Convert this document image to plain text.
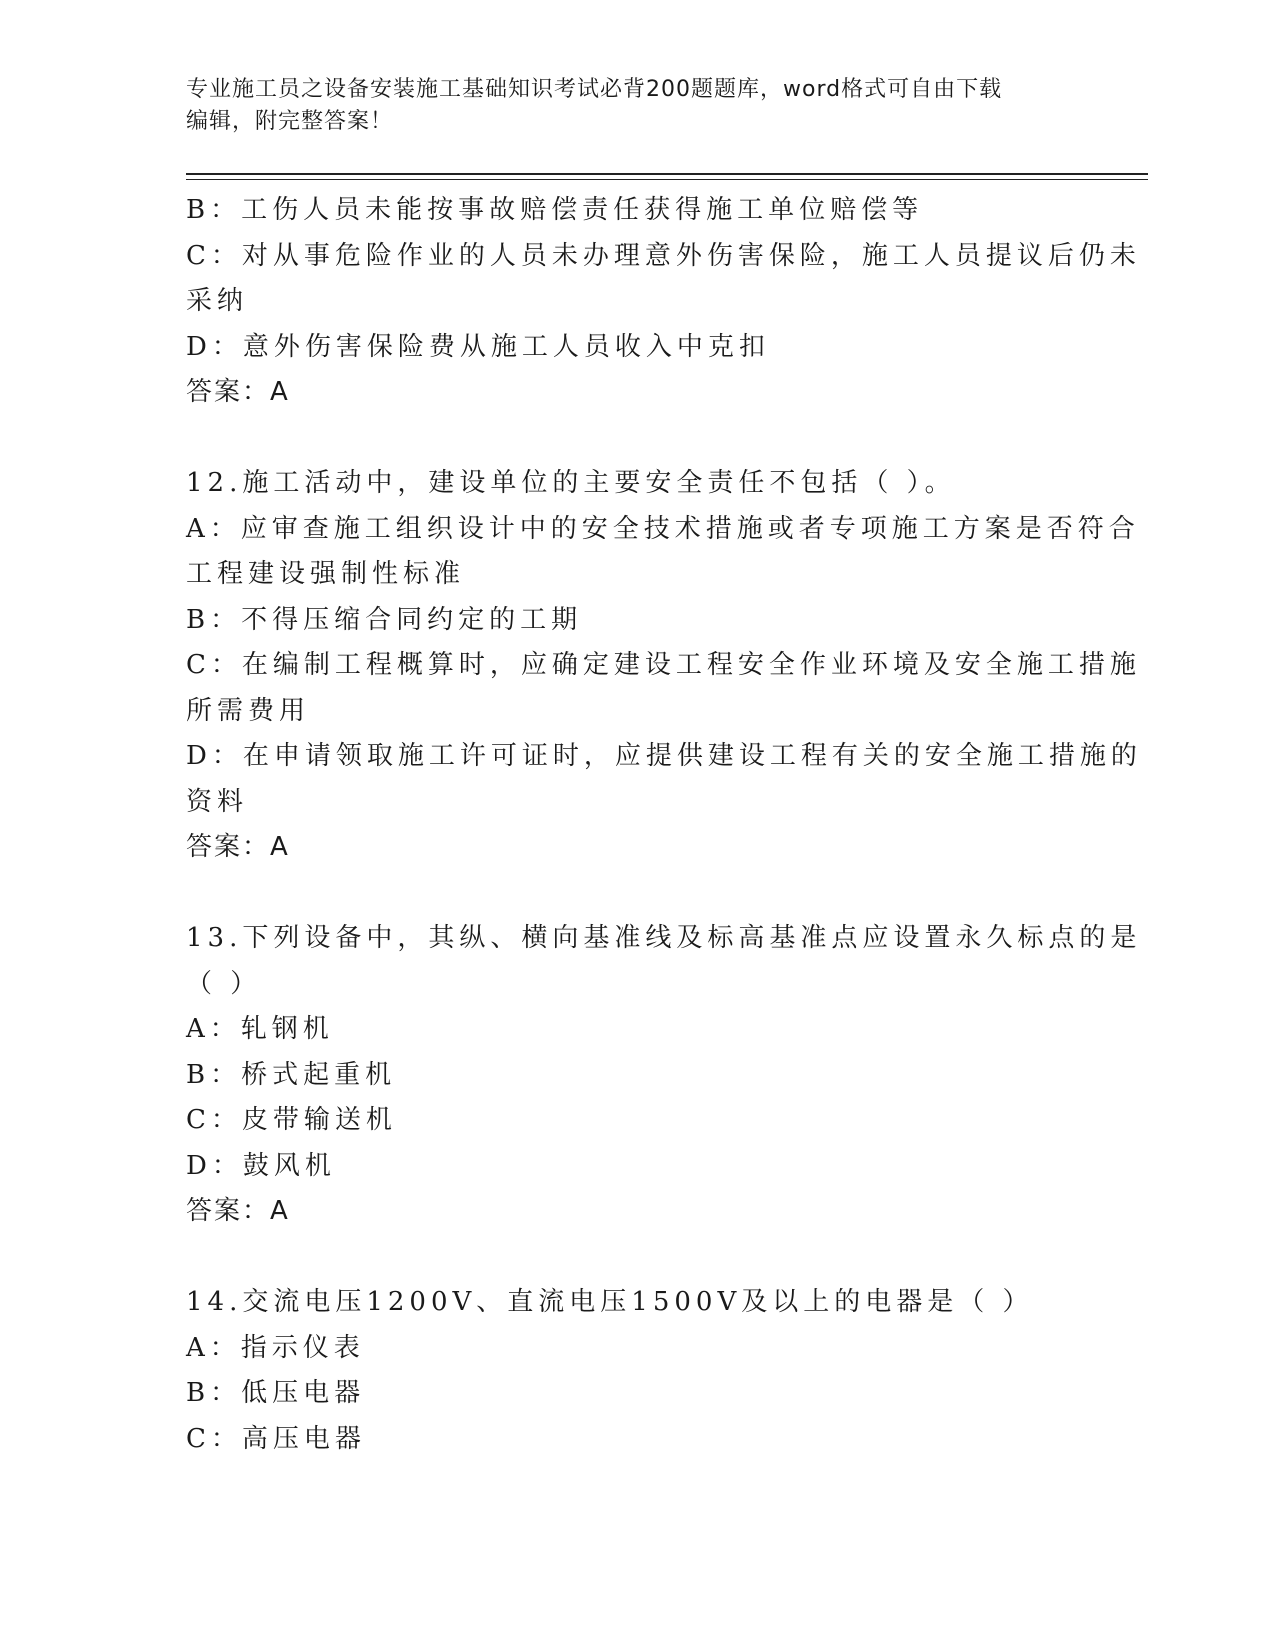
专业施工员之设备安装施工基础知识考试必背200题题库，word格式可自由下载
编辑，附完整答案！
B：工伤人员未能按事故赔偿责任获得施工单位赔偿等
C：对从事危险作业的人员未办理意外伤害保险，施工人员提议后仍未
采纳
D：意外伤害保险费从施工人员收入中克扣
答案：A
12.施工活动中，建设单位的主要安全责任不包括（ ）。
A：应审查施工组织设计中的安全技术措施或者专项施工方案是否符合
工程建设强制性标准
B：不得压缩合同约定的工期
C：在编制工程概算时，应确定建设工程安全作业环境及安全施工措施
所需费用
D：在申请领取施工许可证时，应提供建设工程有关的安全施工措施的
资料
答案：A
13.下列设备中，其纵、横向基准线及标高基准点应设置永久标点的是
（ ）
A：轧钢机
B：桥式起重机
C：皮带输送机
D：鼓风机
答案：A
14.交流电压1200V、直流电压1500V及以上的电器是（ ）
A：指示仪表
B：低压电器
C：高压电器
